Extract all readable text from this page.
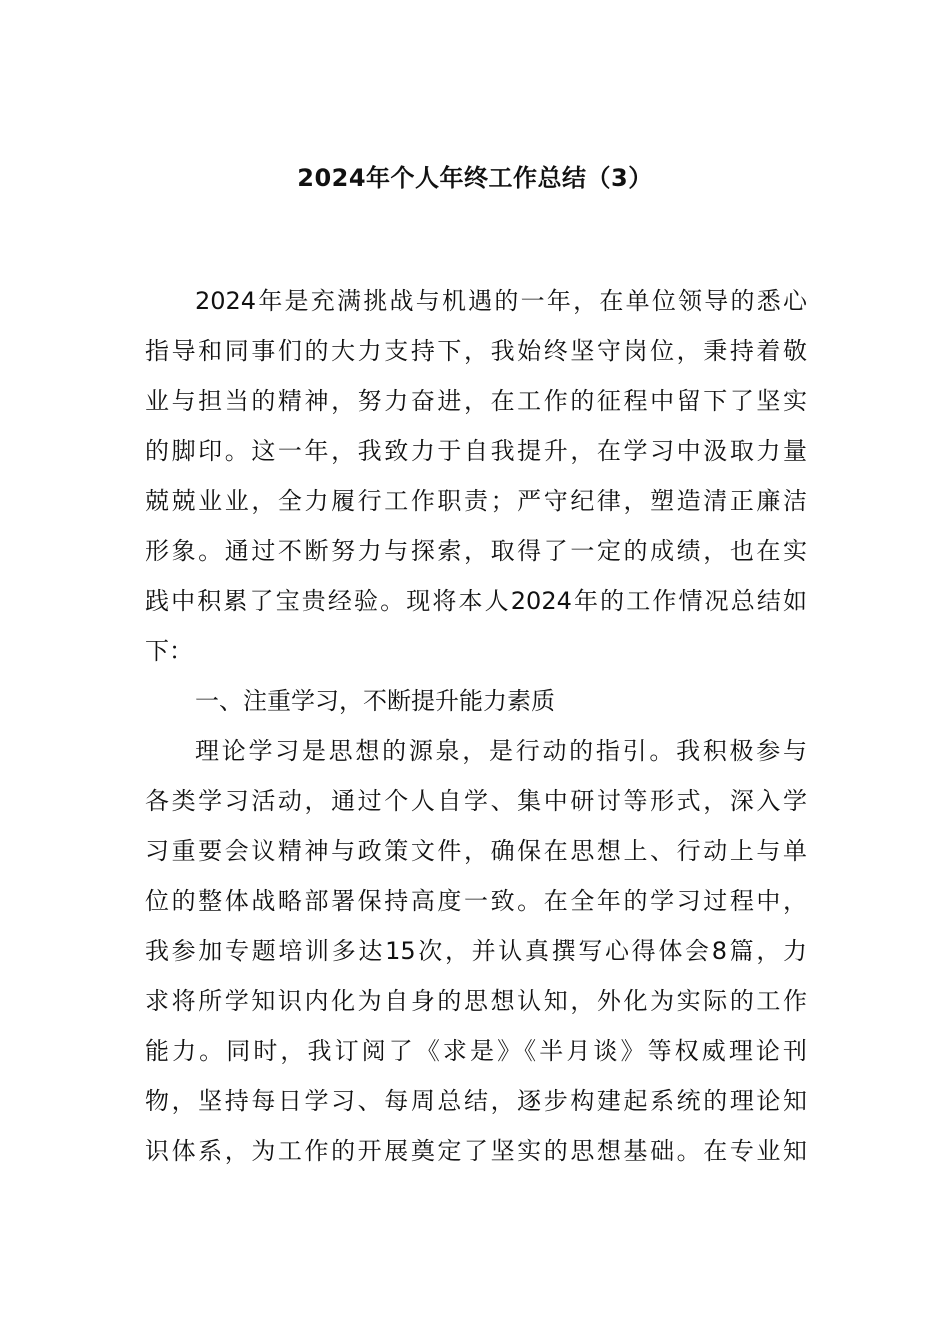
2024年个人年终工作总结（3）
2024年是充满挑战与机遇的一年，在单位领导的悉心
指导和同事们的大力支持下，我始终坚守岗位，秉持着敬
业与担当的精神，努力奋进，在工作的征程中留下了坚实
的脚印。这一年，我致力于自我提升，在学习中汲取力量
兢兢业业，全力履行工作职责；严守纪律，塑造清正廉洁
形象。通过不断努力与探索，取得了一定的成绩，也在实
践中积累了宝贵经验。现将本人2024年的工作情况总结如
下：
一、注重学习，不断提升能力素质
理论学习是思想的源泉，是行动的指引。我积极参与
各类学习活动，通过个人自学、集中研讨等形式，深入学
习重要会议精神与政策文件，确保在思想上、行动上与单
位的整体战略部署保持高度一致。在全年的学习过程中，
我参加专题培训多达15次，并认真撰写心得体会8篇，力
求将所学知识内化为自身的思想认知，外化为实际的工作
能力。同时，我订阅了《求是》《半月谈》等权威理论刊
物，坚持每日学习、每周总结，逐步构建起系统的理论知
识体系，为工作的开展奠定了坚实的思想基础。在专业知
